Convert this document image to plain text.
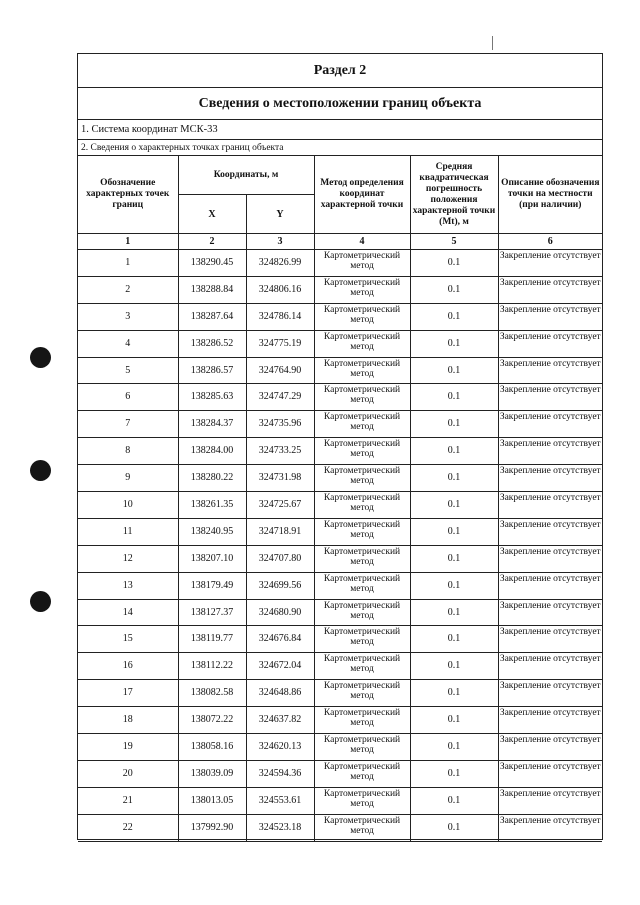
Раздел 2
Сведения о местоположении границ объекта
1. Система координат МСК-33
2. Сведения о характерных точках границ объекта
Обозначение характерных точек границ	Координаты, м		Метод определения координат характерной точки	Средняя квадратическая погрешность положения характерной точки (Mt), м	Описание обозначения точки на местности (при наличии)
	X	Y			
1	2	3	4	5	6
1	138290.45	324826.99	Картометрический метод	0.1	Закрепление отсутствует
2	138288.84	324806.16	Картометрический метод	0.1	Закрепление отсутствует
3	138287.64	324786.14	Картометрический метод	0.1	Закрепление отсутствует
4	138286.52	324775.19	Картометрический метод	0.1	Закрепление отсутствует
5	138286.57	324764.90	Картометрический метод	0.1	Закрепление отсутствует
6	138285.63	324747.29	Картометрический метод	0.1	Закрепление отсутствует
7	138284.37	324735.96	Картометрический метод	0.1	Закрепление отсутствует
8	138284.00	324733.25	Картометрический метод	0.1	Закрепление отсутствует
9	138280.22	324731.98	Картометрический метод	0.1	Закрепление отсутствует
10	138261.35	324725.67	Картометрический метод	0.1	Закрепление отсутствует
11	138240.95	324718.91	Картометрический метод	0.1	Закрепление отсутствует
12	138207.10	324707.80	Картометрический метод	0.1	Закрепление отсутствует
13	138179.49	324699.56	Картометрический метод	0.1	Закрепление отсутствует
14	138127.37	324680.90	Картометрический метод	0.1	Закрепление отсутствует
15	138119.77	324676.84	Картометрический метод	0.1	Закрепление отсутствует
16	138112.22	324672.04	Картометрический метод	0.1	Закрепление отсутствует
17	138082.58	324648.86	Картометрический метод	0.1	Закрепление отсутствует
18	138072.22	324637.82	Картометрический метод	0.1	Закрепление отсутствует
19	138058.16	324620.13	Картометрический метод	0.1	Закрепление отсутствует
20	138039.09	324594.36	Картометрический метод	0.1	Закрепление отсутствует
21	138013.05	324553.61	Картометрический метод	0.1	Закрепление отсутствует
22	137992.90	324523.18	Картометрический метод	0.1	Закрепление отсутствует
